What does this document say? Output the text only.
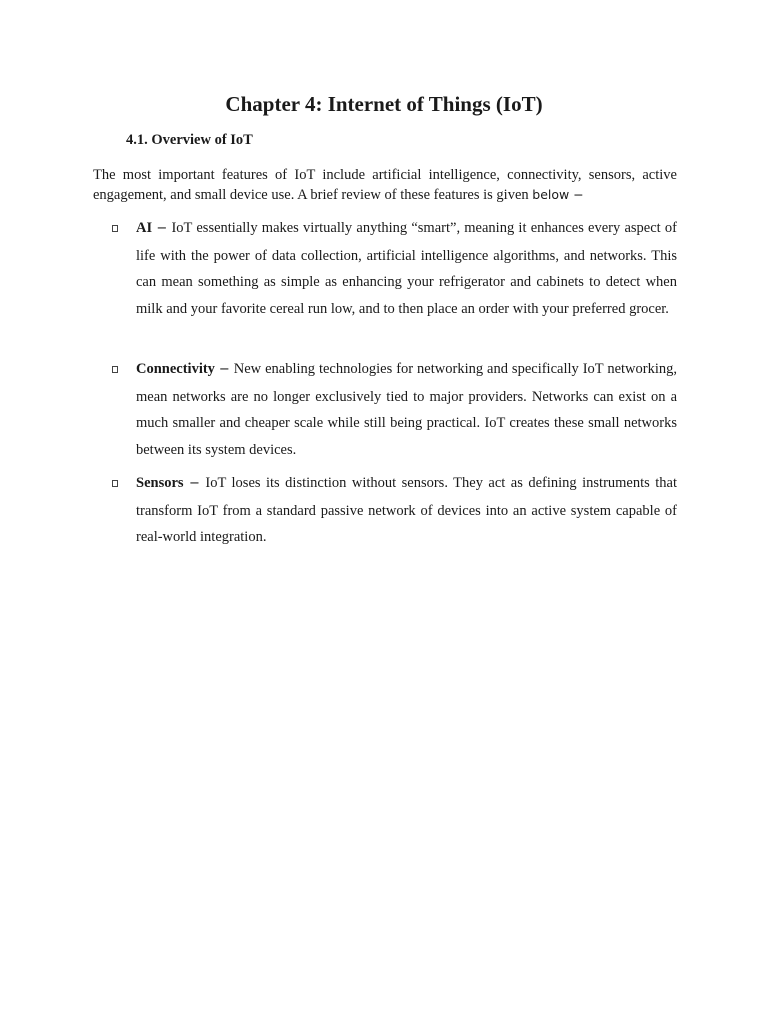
Chapter 4: Internet of Things (IoT)
4.1. Overview of IoT

The most important features of IoT include artificial intelligence, connectivity, sensors, active engagement, and small device use. A brief review of these features is given below −

AI − IoT essentially makes virtually anything “smart”, meaning it enhances every aspect of life with the power of data collection, artificial intelligence algorithms, and networks. This can mean something as simple as enhancing your refrigerator and cabinets to detect when milk and your favorite cereal run low, and to then place an order with your preferred grocer.

Connectivity − New enabling technologies for networking and specifically IoT networking, mean networks are no longer exclusively tied to major providers. Networks can exist on a much smaller and cheaper scale while still being practical. IoT creates these small networks between its system devices.

Sensors − IoT loses its distinction without sensors. They act as defining instruments that transform IoT from a standard passive network of devices into an active system capable of real-world integration.
